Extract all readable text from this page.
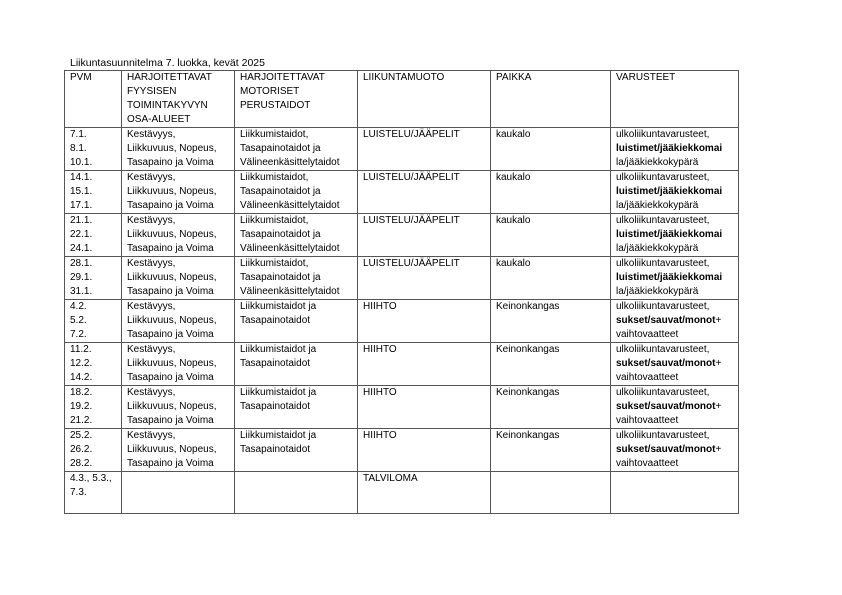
Liikuntasuunnitelma 7. luokka, kevät 2025
PVM	HARJOITETTAVAT
FYYSISEN
TOIMINTAKYVYN
OSA-ALUEET	HARJOITETTAVAT
MOTORISET
PERUSTAIDOT	LIIKUNTAMUOTO	PAIKKA	VARUSTEET

7.1.
8.1.
10.1.	Kestävyys,
Liikkuvuus, Nopeus,
Tasapaino ja Voima	Liikkumistaidot,
Tasapainotaidot ja
Välineenkäsittelytaidot	LUISTELU/JÄÄPELIT	kaukalo	ulkoliikuntavarusteet,
luistimet/jääkiekkomai
la/jääkiekkokypärä

14.1.
15.1.
17.1.	Kestävyys,
Liikkuvuus, Nopeus,
Tasapaino ja Voima	Liikkumistaidot,
Tasapainotaidot ja
Välineenkäsittelytaidot	LUISTELU/JÄÄPELIT	kaukalo	ulkoliikuntavarusteet,
luistimet/jääkiekkomai
la/jääkiekkokypärä

21.1.
22.1.
24.1.	Kestävyys,
Liikkuvuus, Nopeus,
Tasapaino ja Voima	Liikkumistaidot,
Tasapainotaidot ja
Välineenkäsittelytaidot	LUISTELU/JÄÄPELIT	kaukalo	ulkoliikuntavarusteet,
luistimet/jääkiekkomai
la/jääkiekkokypärä

28.1.
29.1.
31.1.	Kestävyys,
Liikkuvuus, Nopeus,
Tasapaino ja Voima	Liikkumistaidot,
Tasapainotaidot ja
Välineenkäsittelytaidot	LUISTELU/JÄÄPELIT	kaukalo	ulkoliikuntavarusteet,
luistimet/jääkiekkomai
la/jääkiekkokypärä

4.2.
5.2.
7.2.	Kestävyys,
Liikkuvuus, Nopeus,
Tasapaino ja Voima	Liikkumistaidot ja
Tasapainotaidot	HIIHTO	Keinonkangas	ulkoliikuntavarusteet,
sukset/sauvat/monot+
vaihtovaatteet

11.2.
12.2.
14.2.	Kestävyys,
Liikkuvuus, Nopeus,
Tasapaino ja Voima	Liikkumistaidot ja
Tasapainotaidot	HIIHTO	Keinonkangas	ulkoliikuntavarusteet,
sukset/sauvat/monot+
vaihtovaatteet

18.2.
19.2.
21.2.	Kestävyys,
Liikkuvuus, Nopeus,
Tasapaino ja Voima	Liikkumistaidot ja
Tasapainotaidot	HIIHTO	Keinonkangas	ulkoliikuntavarusteet,
sukset/sauvat/monot+
vaihtovaatteet

25.2.
26.2.
28.2.	Kestävyys,
Liikkuvuus, Nopeus,
Tasapaino ja Voima	Liikkumistaidot ja
Tasapainotaidot	HIIHTO	Keinonkangas	ulkoliikuntavarusteet,
sukset/sauvat/monot+
vaihtovaatteet

4.3., 5.3.,
7.3.			TALVILOMA		
